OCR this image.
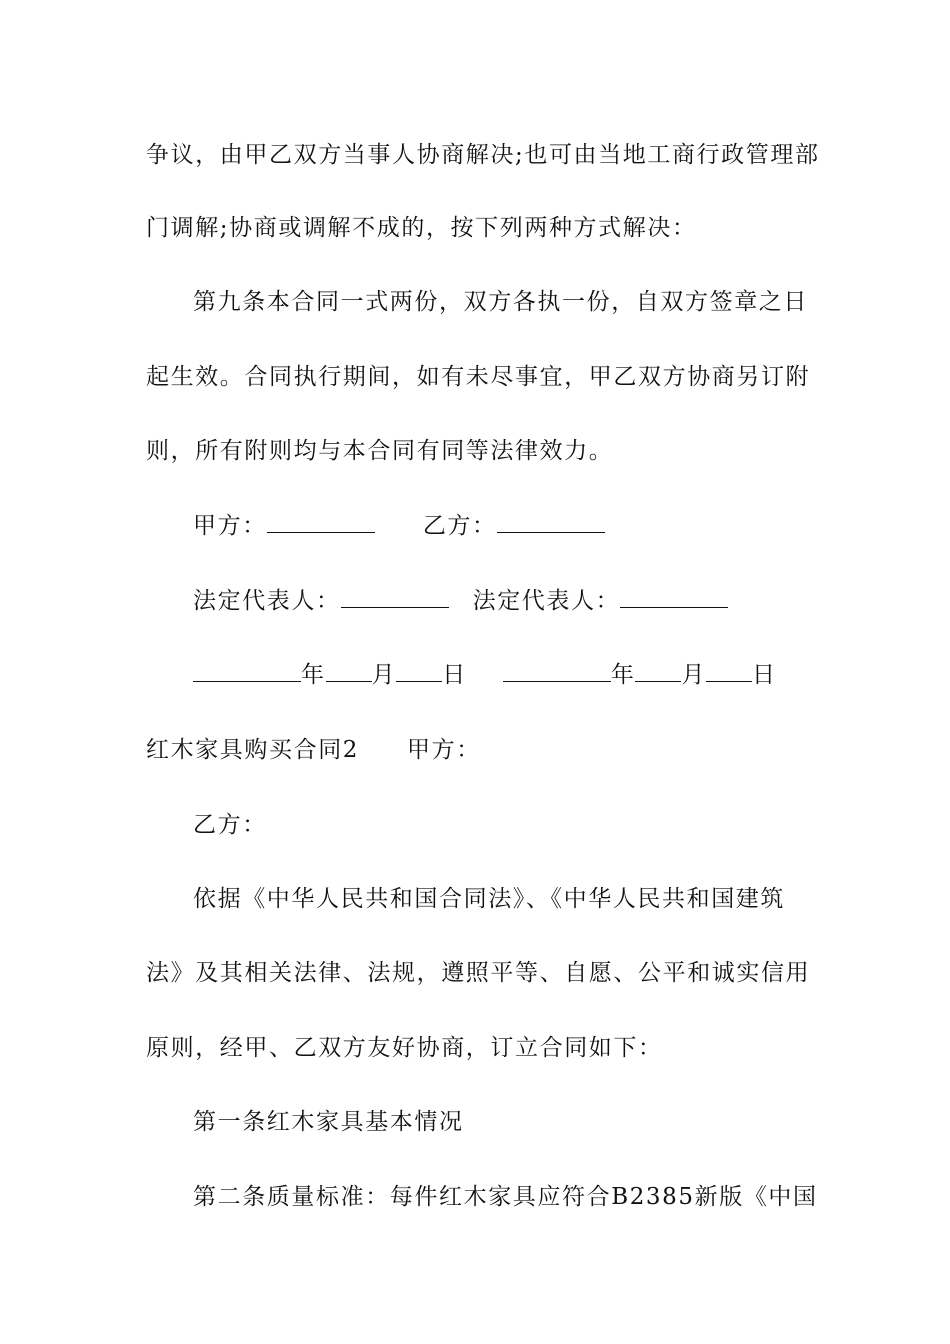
争议，由甲乙双方当事人协商解决;也可由当地工商行政管理部
门调解;协商或调解不成的，按下列两种方式解决：
第九条本合同一式两份，双方各执一份，自双方签章之日
起生效。合同执行期间，如有未尽事宜，甲乙双方协商另订附
则，所有附则均与本合同有同等法律效力。
甲方：	乙方：
法定代表人：	法定代表人：
年 月 日	年 月 日
红木家具购买合同2 甲方：
乙方：
依据《中华人民共和国合同法》、《中华人民共和国建筑
法》及其相关法律、法规，遵照平等、自愿、公平和诚实信用
原则，经甲、乙双方友好协商，订立合同如下：
第一条红木家具基本情况
第二条质量标准：每件红木家具应符合B2385新版《中国
